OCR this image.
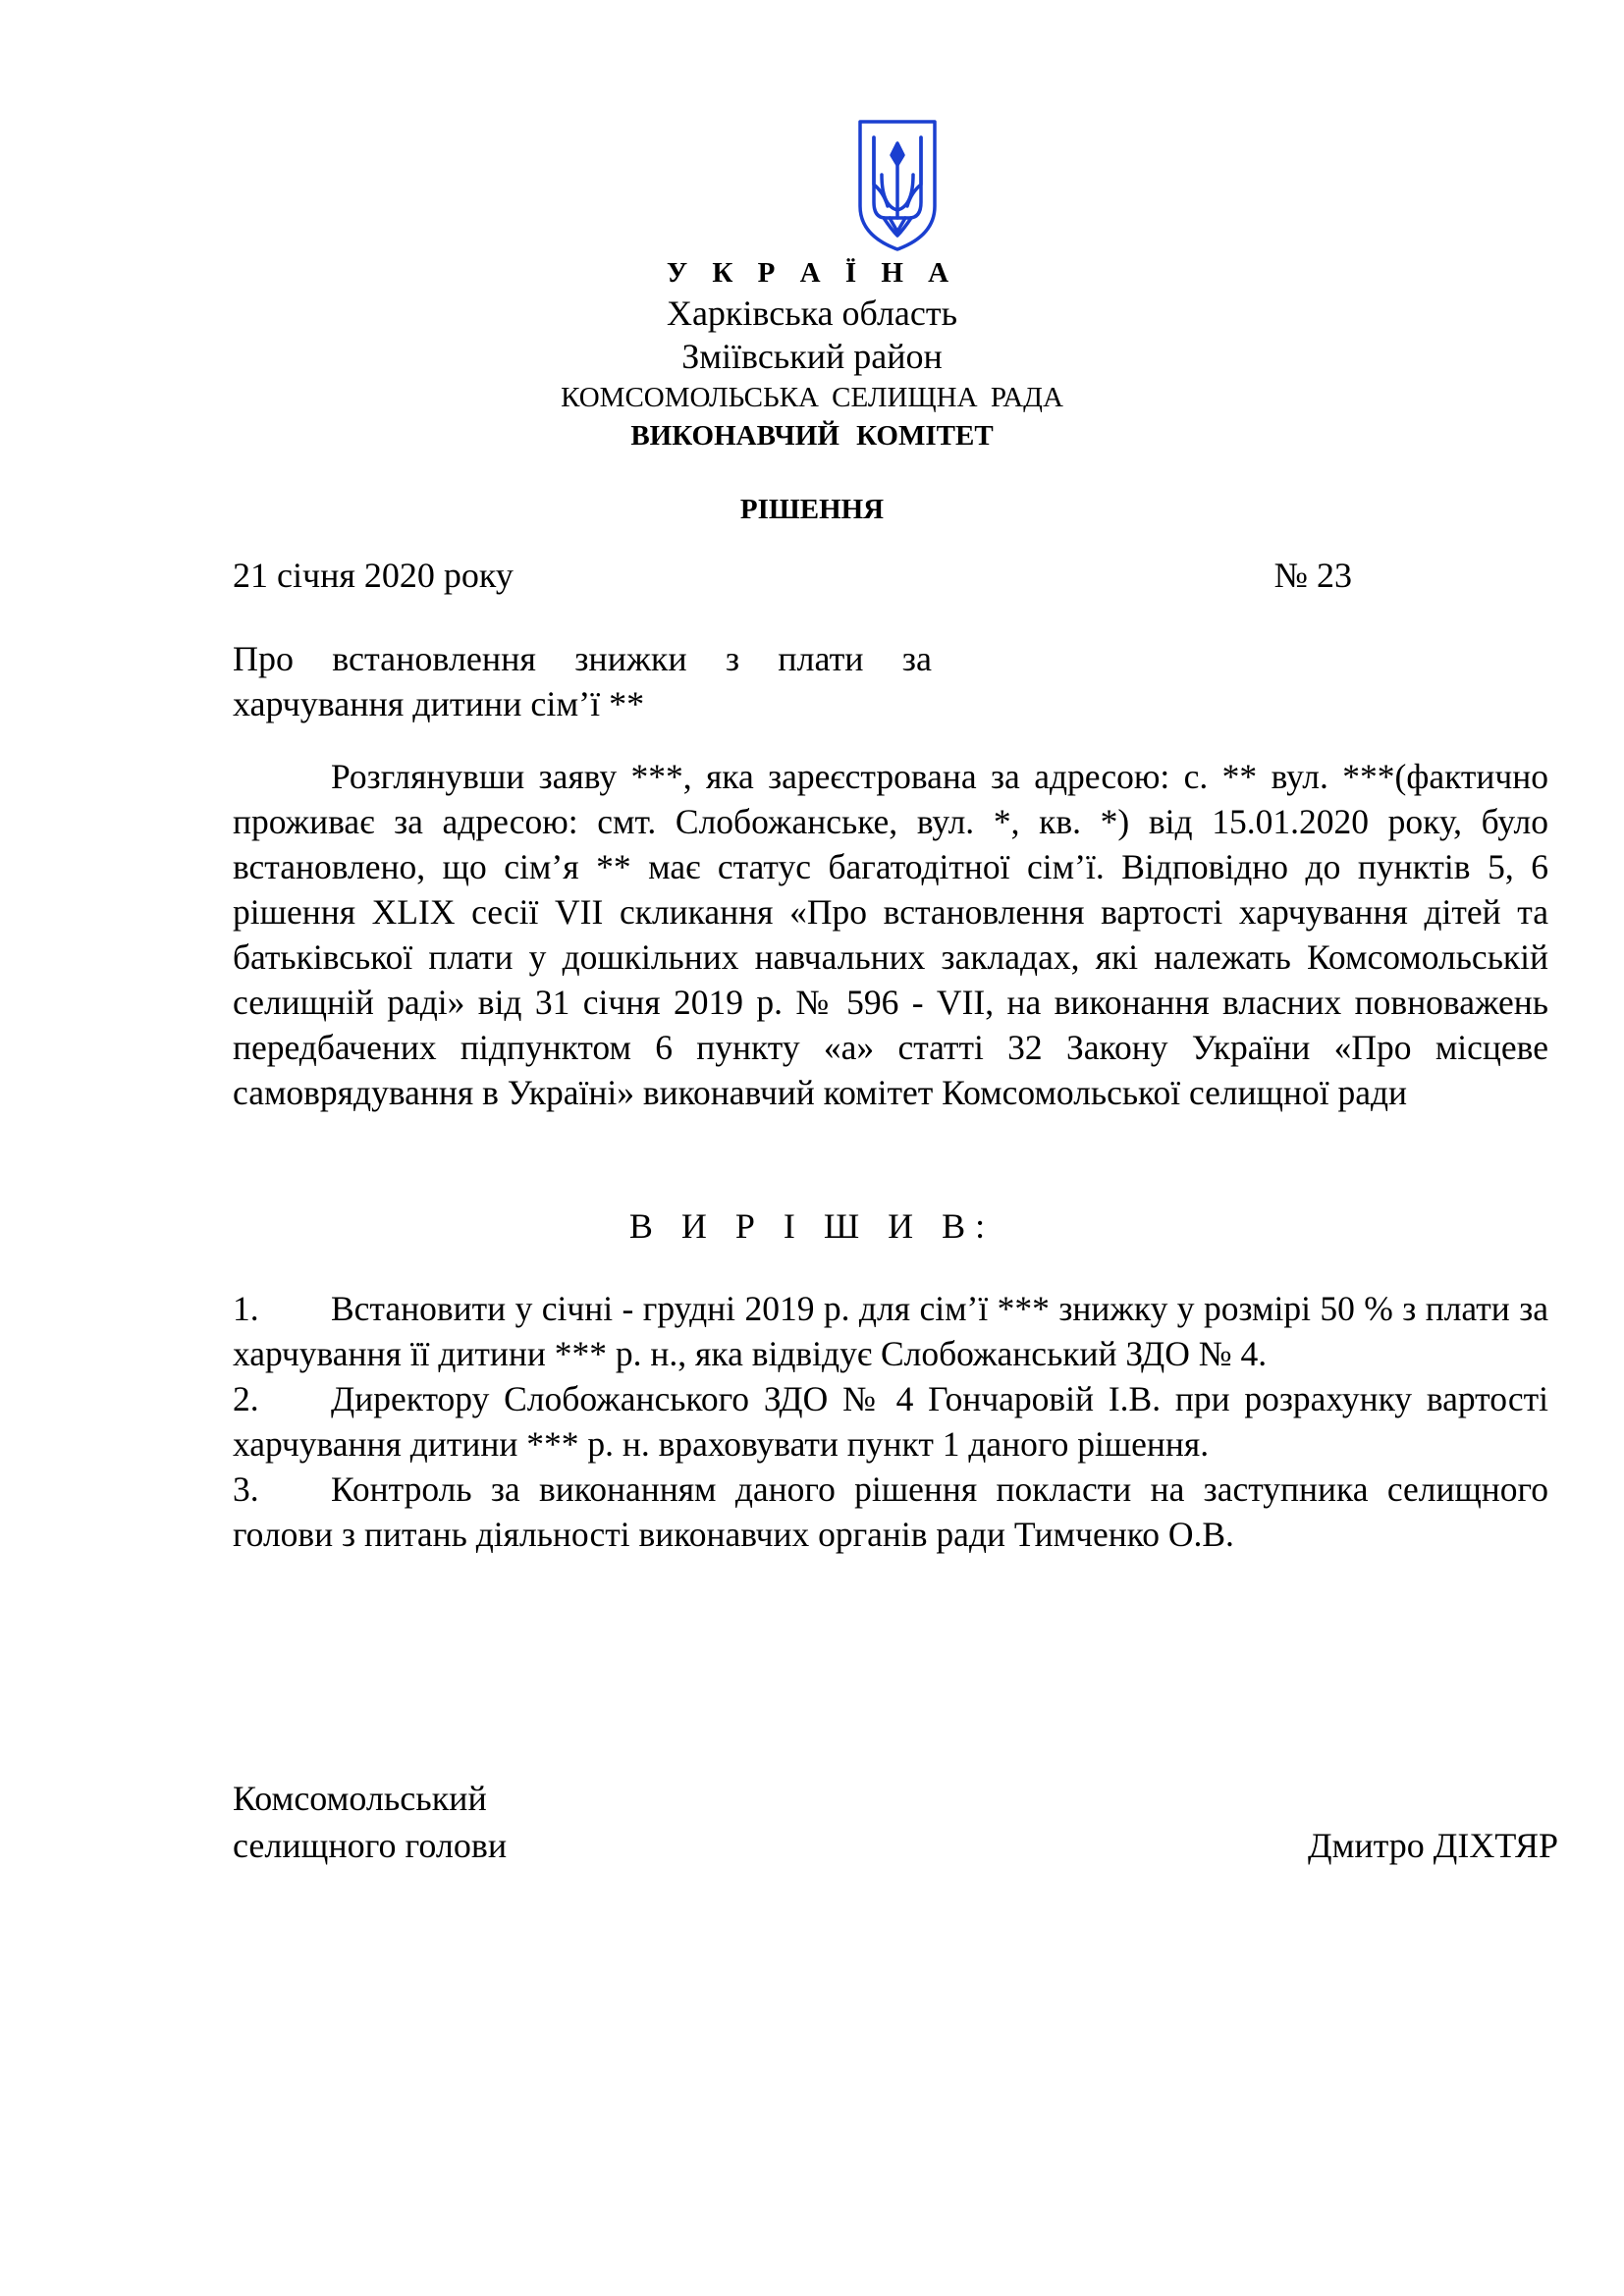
У К Р А Ї Н А
Харківська область
Зміївський район
КОМСОМОЛЬСЬКА СЕЛИЩНА РАДА
ВИКОНАВЧИЙ КОМІТЕТ
РІШЕННЯ
21 січня 2020 року	№ 23
Про встановлення знижки з плати за харчування дитини сім’ї **

Розглянувши заяву ***, яка зареєстрована за адресою: с. ** вул. ***(фактично проживає за адресою: смт. Слобожанське, вул. *, кв. *) від 15.01.2020 року, було встановлено, що сім’я ** має статус багатодітної сім’ї. Відповідно до пунктів 5, 6 рішення XLIX сесії VII скликання «Про встановлення вартості харчування дітей та батьківської плати у дошкільних навчальних закладах, які належать Комсомольській селищній раді» від 31 січня 2019 р. № 596 - VII, на виконання власних повноважень передбачених підпунктом 6 пункту «а» статті 32 Закону України «Про місцеве самоврядування в Україні» виконавчий комітет Комсомольської селищної ради

В И Р І Ш И В:

1. Встановити у січні - грудні 2019 р. для сім’ї *** знижку у розмірі 50 % з плати за харчування її дитини *** р. н., яка відвідує Слобожанський ЗДО № 4.

2. Директору Слобожанського ЗДО № 4 Гончаровій І.В. при розрахунку вартості харчування дитини *** р. н. враховувати пункт 1 даного рішення.

3. Контроль за виконанням даного рішення покласти на заступника селищного голови з питань діяльності виконавчих органів ради Тимченко О.В.

Комсомольський
селищного голови	Дмитро ДІХТЯР
